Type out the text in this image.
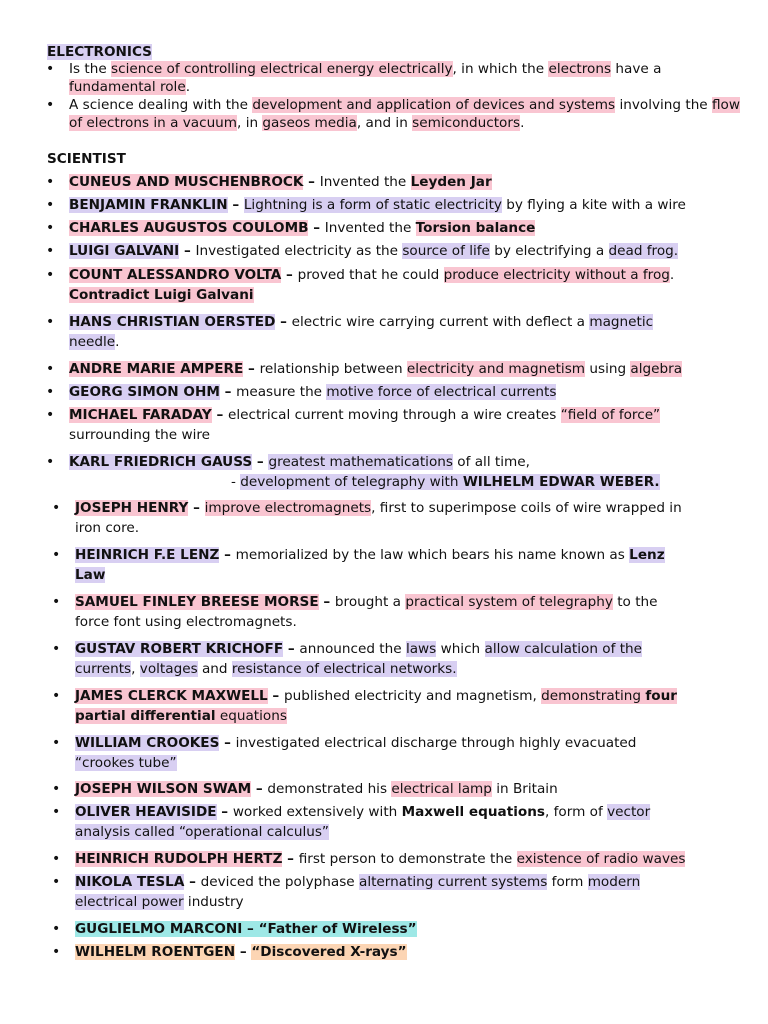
ELECTRONICS
• Is the science of controlling electrical energy electrically, in which the electrons have a fundamental role.
• A science dealing with the development and application of devices and systems involving the flow of electrons in a vacuum, in gaseos media, and in semiconductors.
SCIENTIST
• CUNEUS AND MUSCHENBROCK – Invented the Leyden Jar
• BENJAMIN FRANKLIN – Lightning is a form of static electricity by flying a kite with a wire
• CHARLES AUGUSTOS COULOMB – Invented the Torsion balance
• LUIGI GALVANI – Investigated electricity as the source of life by electrifying a dead frog.
• COUNT ALESSANDRO VOLTA – proved that he could produce electricity without a frog.
Contradict Luigi Galvani
• HANS CHRISTIAN OERSTED – electric wire carrying current with deflect a magnetic
needle.
• ANDRE MARIE AMPERE – relationship between electricity and magnetism using algebra
• GEORG SIMON OHM – measure the motive force of electrical currents
• MICHAEL FARADAY – electrical current moving through a wire creates “field of force”
surrounding the wire
• KARL FRIEDRICH GAUSS – greatest mathematications of all time,
- development of telegraphy with WILHELM EDWAR WEBER.
• JOSEPH HENRY – improve electromagnets, first to superimpose coils of wire wrapped in
iron core.
• HEINRICH F.E LENZ – memorialized by the law which bears his name known as Lenz
Law
• SAMUEL FINLEY BREESE MORSE – brought a practical system of telegraphy to the
force font using electromagnets.
• GUSTAV ROBERT KRICHOFF – announced the laws which allow calculation of the
currents, voltages and resistance of electrical networks.
• JAMES CLERCK MAXWELL – published electricity and magnetism, demonstrating four
partial differential equations
• WILLIAM CROOKES – investigated electrical discharge through highly evacuated
“crookes tube”
• JOSEPH WILSON SWAM – demonstrated his electrical lamp in Britain
• OLIVER HEAVISIDE – worked extensively with Maxwell equations, form of vector
analysis called “operational calculus”
• HEINRICH RUDOLPH HERTZ – first person to demonstrate the existence of radio waves
• NIKOLA TESLA – deviced the polyphase alternating current systems form modern
electrical power industry
• GUGLIELMO MARCONI – “Father of Wireless”
• WILHELM ROENTGEN – “Discovered X-rays”
